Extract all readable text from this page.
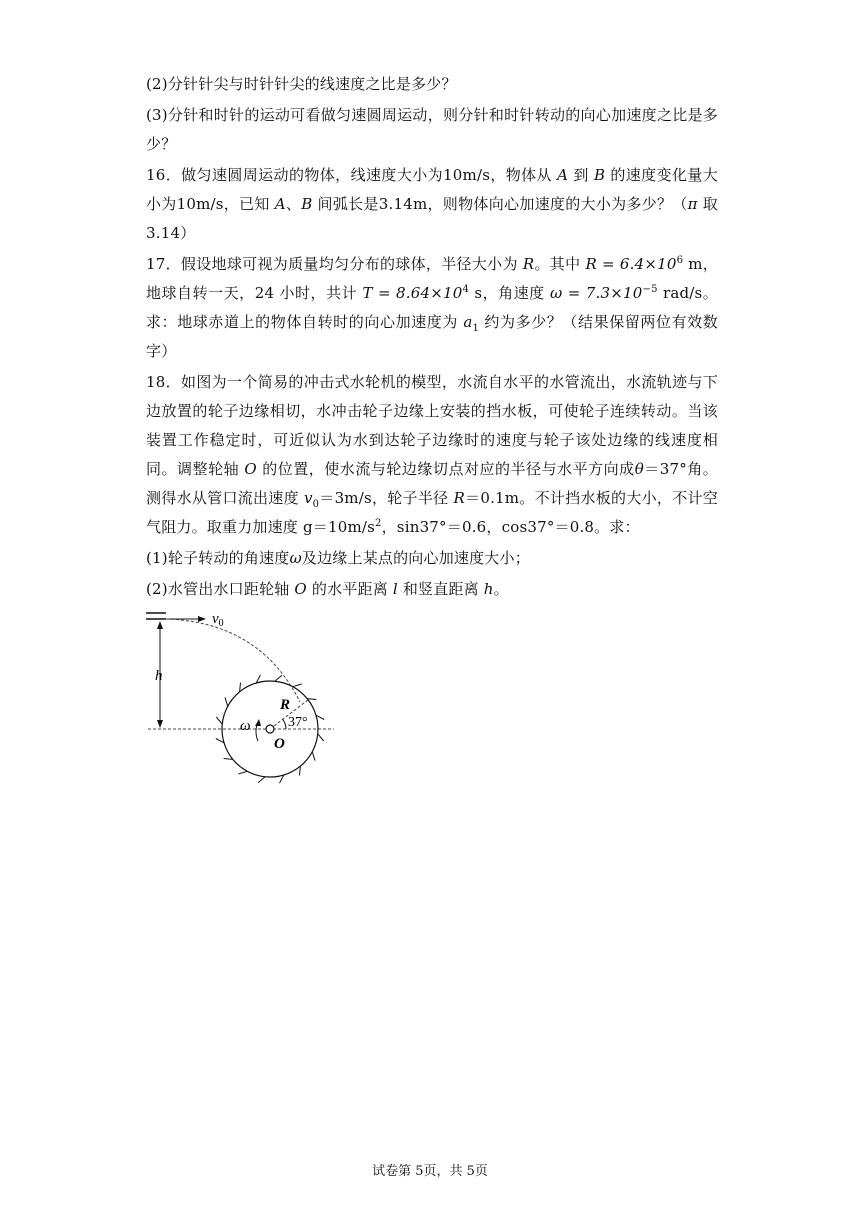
(2)分针针尖与时针针尖的线速度之比是多少？

(3)分针和时针的运动可看做匀速圆周运动，则分针和时针转动的向心加速度之比是多少？

16．做匀速圆周运动的物体，线速度大小为10m/s，物体从 A 到 B 的速度变化量大小为10m/s，已知 A、B 间弧长是3.14m，则物体向心加速度的大小为多少？（π 取 3.14）

17．假设地球可视为质量均匀分布的球体，半径大小为 R。其中 $R = 6.4\times 10^6$ m，地球自转一天，24 小时，共计 $T = 8.64\times 10^4$ s，角速度 $\omega = 7.3\times 10^{-5}$ rad/s。求：地球赤道上的物体自转时的向心加速度为 $a_1$ 约为多少？（结果保留两位有效数字）

18．如图为一个简易的冲击式水轮机的模型，水流自水平的水管流出，水流轨迹与下边放置的轮子边缘相切，水冲击轮子边缘上安装的挡水板，可使轮子连续转动。当该装置工作稳定时，可近似认为水到达轮子边缘时的速度与轮子该处边缘的线速度相同。调整轮轴 O 的位置，使水流与轮边缘切点对应的半径与水平方向成θ＝37°角。测得水从管口流出速度 $v_0=3m/s$，轮子半径 R＝0.1m。不计挡水板的大小，不计空气阻力。取重力加速度 $g=10m/s^2$，sin37°＝0.6，cos37°＝0.8。求：

(1)轮子转动的角速度ω及边缘上某点的向心加速度大小；

(2)水管出水口距轮轴 O 的水平距离 l 和竖直距离 h。

$v_0$
h
R
37°
O
ω
试卷第 5页，共 5页
